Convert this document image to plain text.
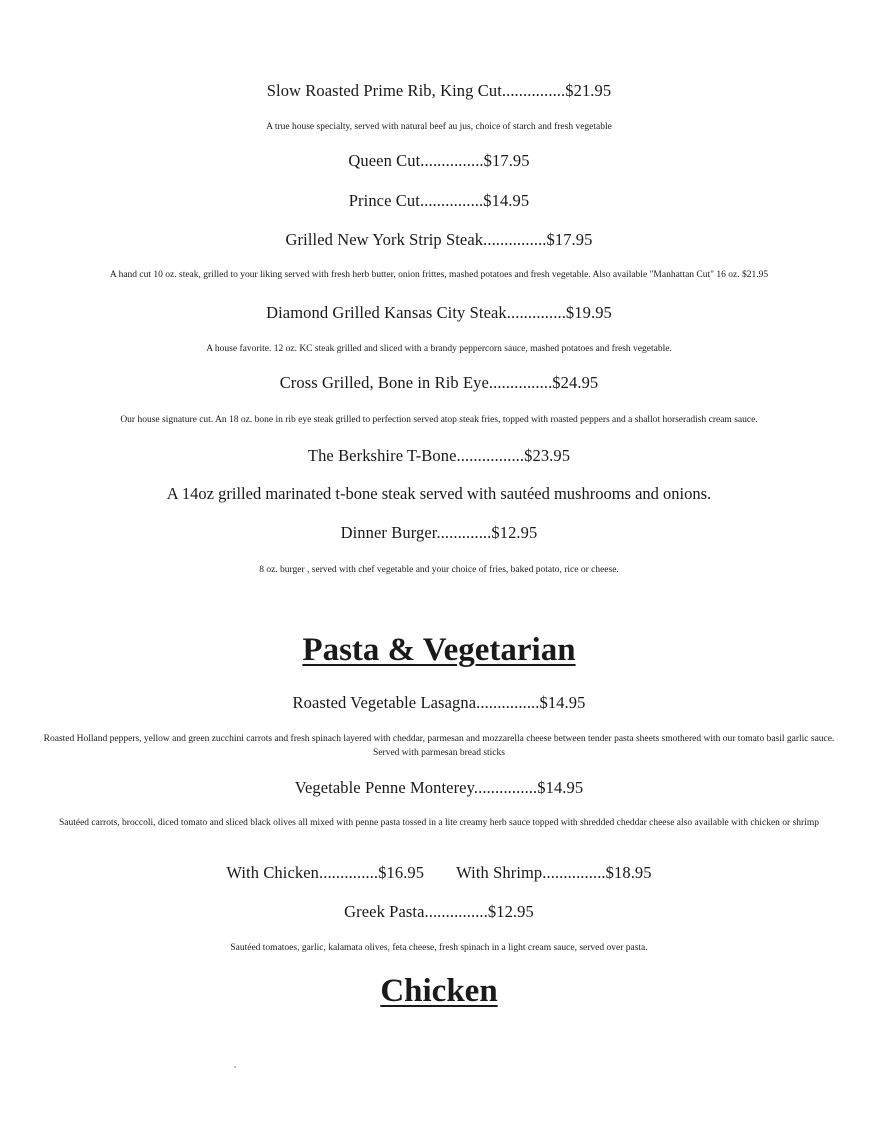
Slow Roasted Prime Rib, King Cut...............$21.95
A true house specialty, served with natural beef au jus, choice of starch and fresh vegetable
Queen Cut...............$17.95
Prince Cut...............$14.95
Grilled New York Strip Steak...............$17.95
A hand cut 10 oz. steak, grilled to your liking served with fresh herb butter, onion frittes, mashed potatoes and fresh vegetable. Also available "Manhattan Cut" 16 oz. $21.95
Diamond Grilled Kansas City Steak..............$19.95
A house favorite. 12 oz. KC steak grilled and sliced with a brandy peppercorn sauce, mashed potatoes and fresh vegetable.
Cross Grilled, Bone in Rib Eye...............$24.95
Our house signature cut. An 18 oz. bone in rib eye steak grilled to perfection served atop steak fries, topped with roasted peppers and a shallot horseradish cream sauce.
The Berkshire T-Bone................$23.95
A 14oz grilled marinated t-bone steak served with sautéed mushrooms and onions.
Dinner Burger.............$12.95
8 oz. burger , served with chef vegetable and your choice of fries, baked potato, rice or cheese.
Pasta & Vegetarian
Roasted Vegetable Lasagna...............$14.95
Roasted Holland peppers, yellow and green zucchini carrots and fresh spinach layered with cheddar, parmesan and mozzarella cheese between tender pasta sheets smothered with our tomato basil garlic sauce. Served with parmesan bread sticks
Vegetable Penne Monterey...............$14.95
Sautéed carrots, broccoli, diced tomato and sliced black olives all mixed with penne pasta tossed in a lite creamy herb sauce topped with shredded cheddar cheese also available with chicken or shrimp
With Chicken..............$16.95 With Shrimp...............$18.95
Greek Pasta...............$12.95
Sautéed tomatoes, garlic, kalamata olives, feta cheese, fresh spinach in a light cream sauce, served over pasta.
Chicken
